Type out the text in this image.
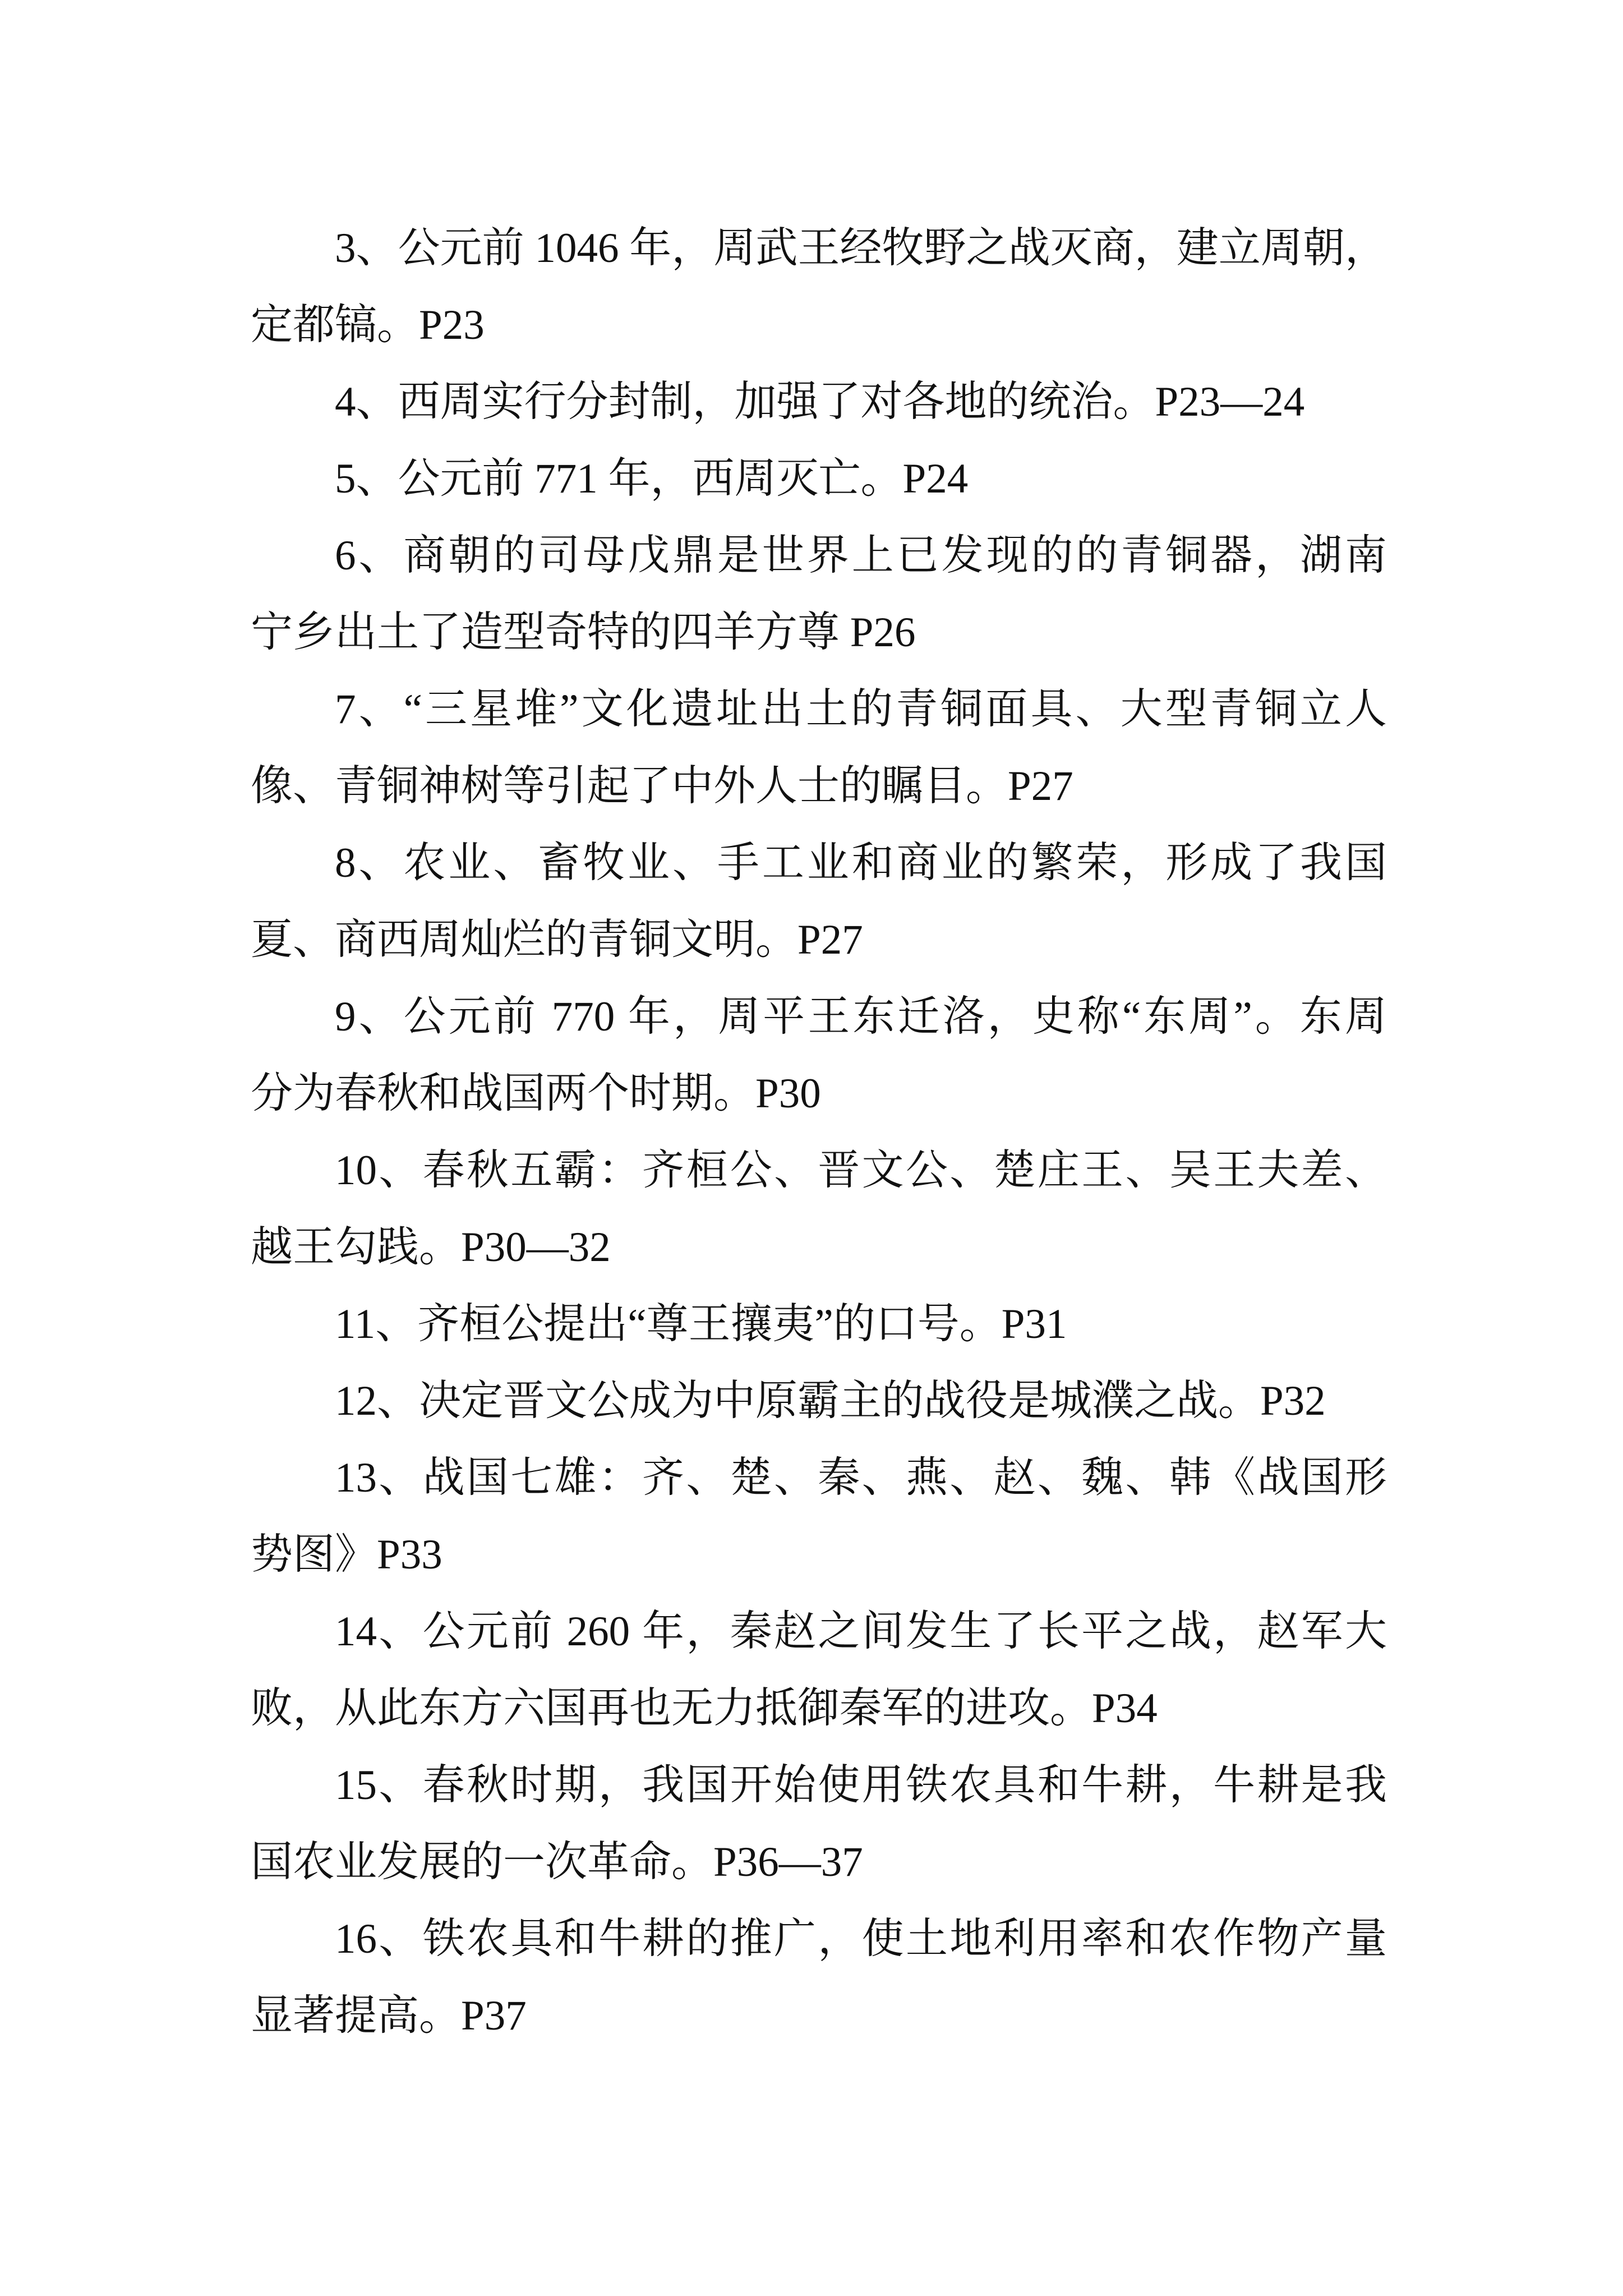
3、公元前 1046 年，周武王经牧野之战灭商，建立周朝，
定都镐。P23
4、西周实行分封制，加强了对各地的统治。P23—24
5、公元前 771 年，西周灭亡。P24
6、商朝的司母戊鼎是世界上已发现的的青铜器，湖南
宁乡出土了造型奇特的四羊方尊 P26
7、“三星堆”文化遗址出土的青铜面具、大型青铜立人
像、青铜神树等引起了中外人士的瞩目。P27
8、农业、畜牧业、手工业和商业的繁荣，形成了我国
夏、商西周灿烂的青铜文明。P27
9、公元前 770 年，周平王东迁洛，史称“东周”。东周
分为春秋和战国两个时期。P30
10、春秋五霸：齐桓公、晋文公、楚庄王、吴王夫差、
越王勾践。P30—32
11、齐桓公提出“尊王攘夷”的口号。P31
12、决定晋文公成为中原霸主的战役是城濮之战。P32
13、战国七雄：齐、楚、秦、燕、赵、魏、韩《战国形
势图》P33
14、公元前 260 年，秦赵之间发生了长平之战，赵军大
败，从此东方六国再也无力抵御秦军的进攻。P34
15、春秋时期，我国开始使用铁农具和牛耕，牛耕是我
国农业发展的一次革命。P36—37
16、铁农具和牛耕的推广，使土地利用率和农作物产量
显著提高。P37
